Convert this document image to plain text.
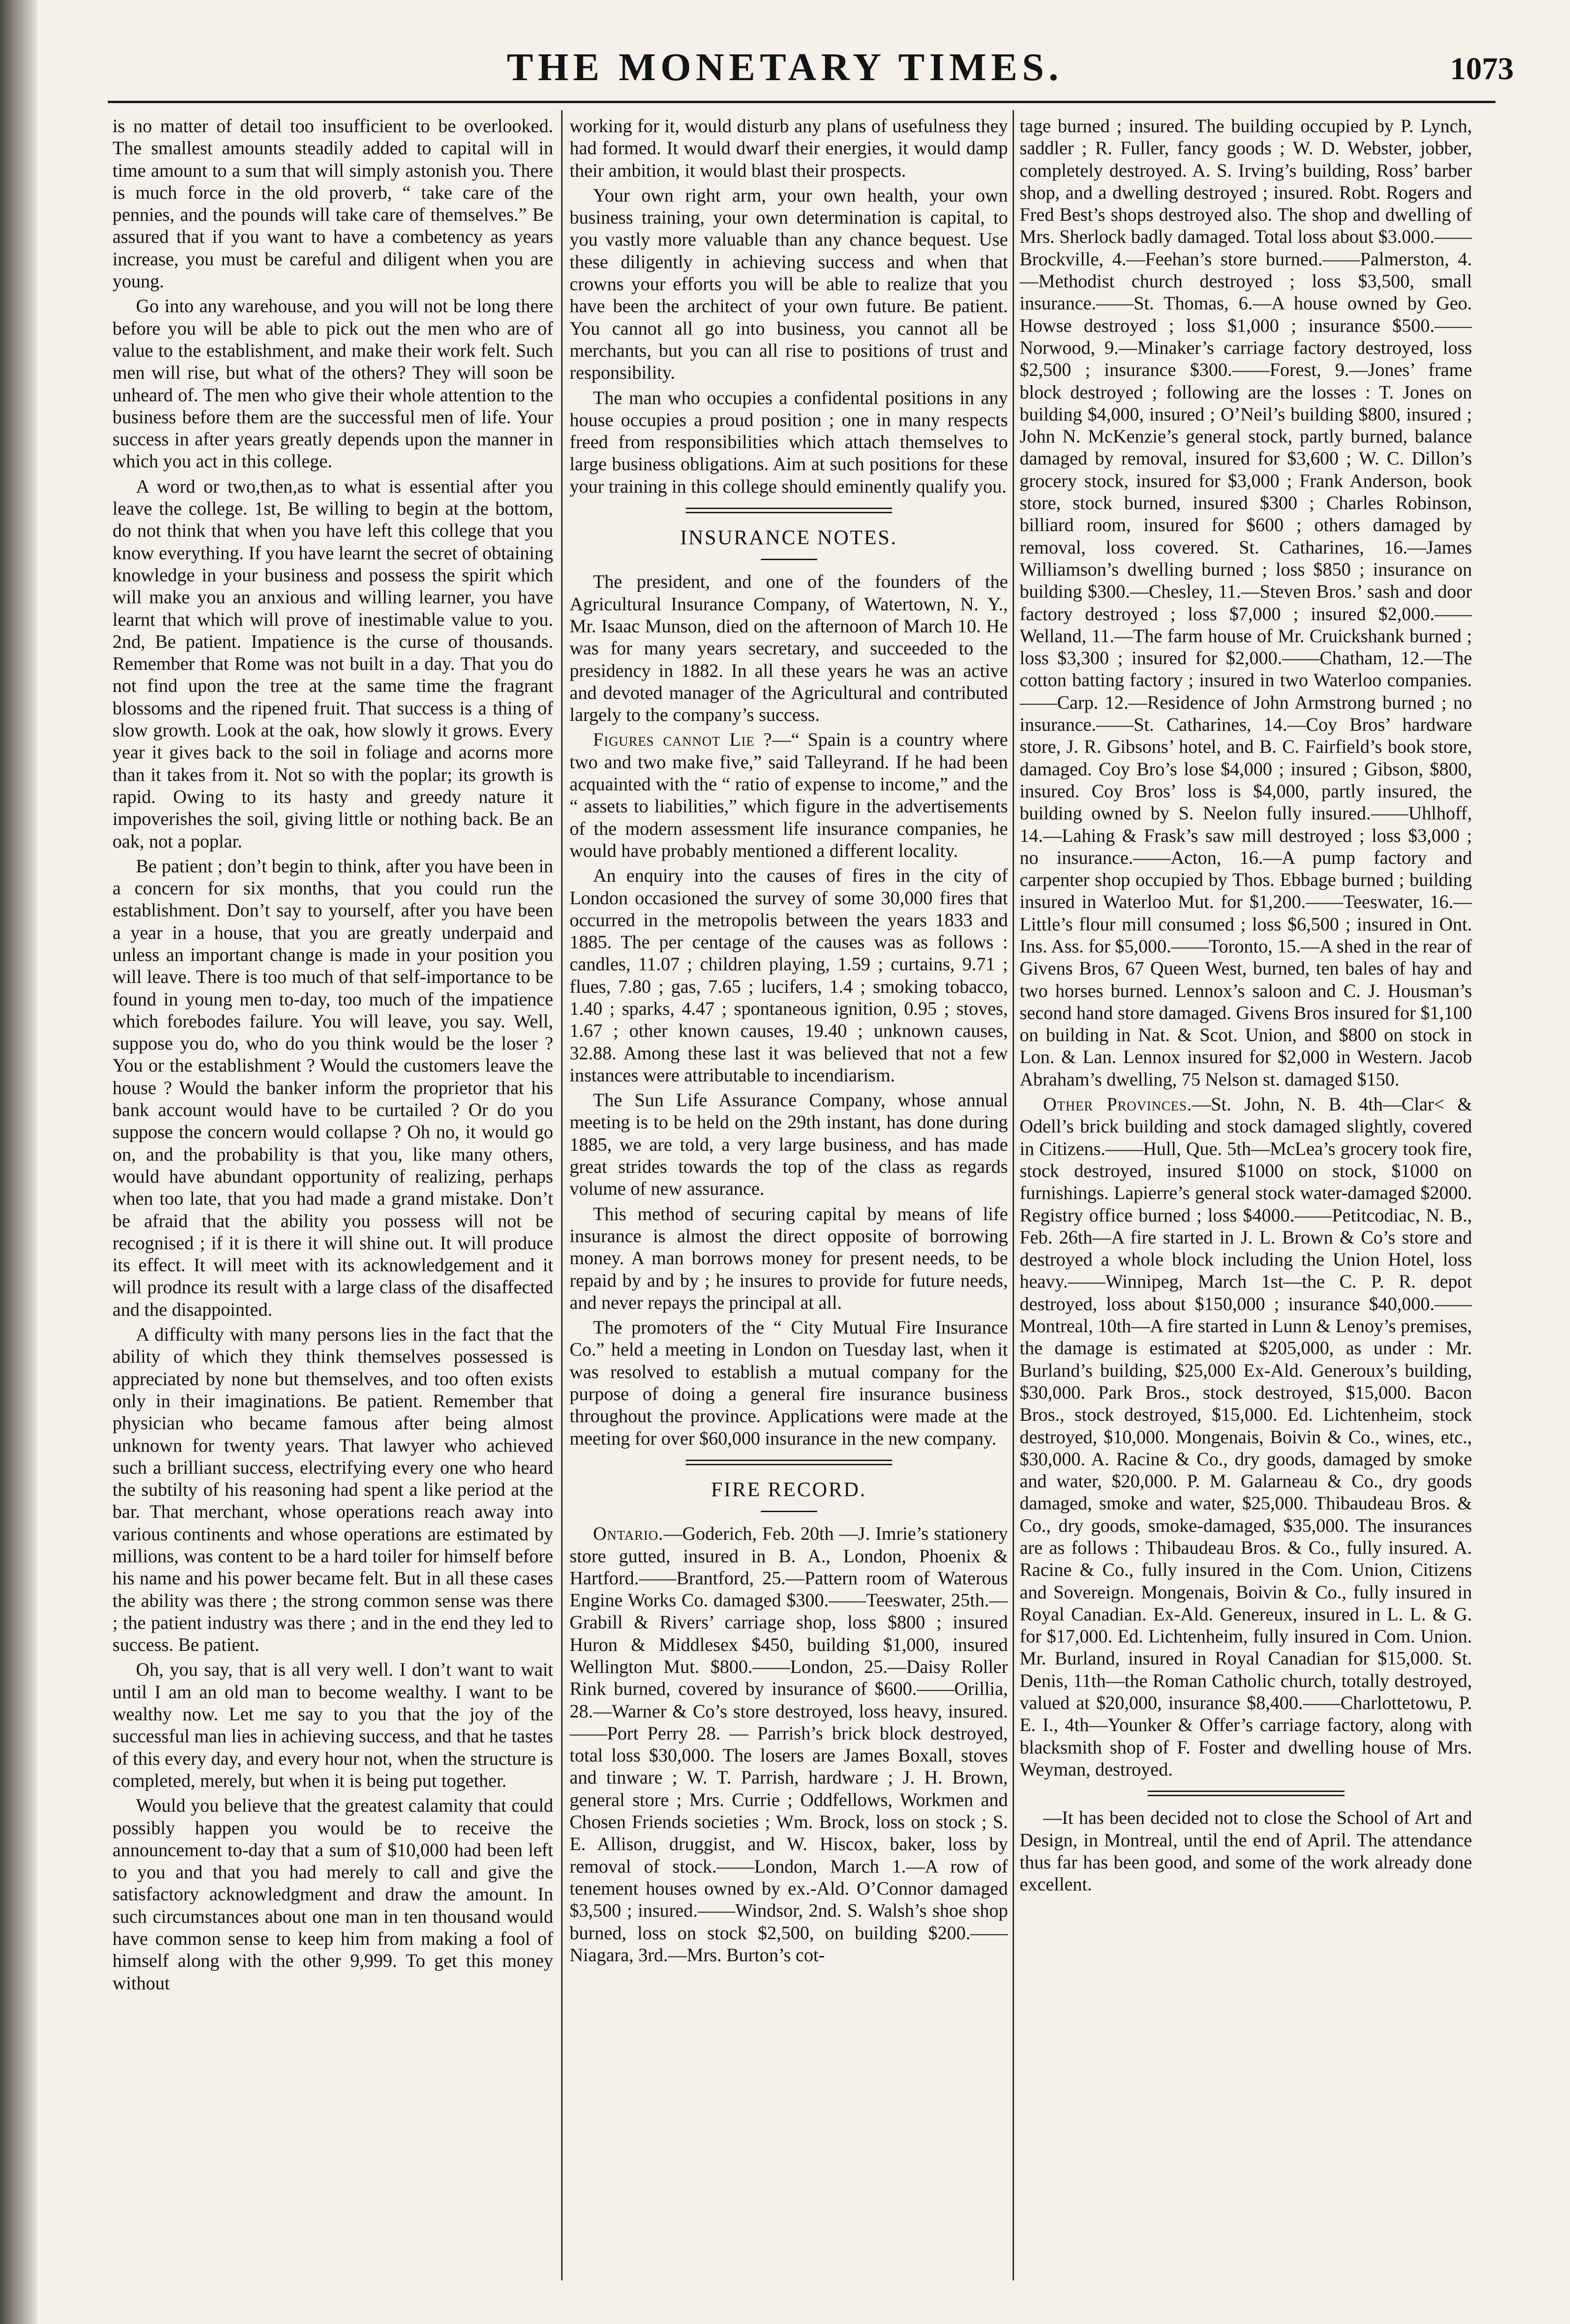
THE MONETARY TIMES.	1073

is no matter of detail too insufficient to be overlooked. The smallest amounts steadily added to capital will in time amount to a sum that will simply astonish you. There is much force in the old proverb, “ take care of the pennies, and the pounds will take care of themselves.” Be assured that if you want to have a combetency as years increase, you must be careful and diligent when you are young.

Go into any warehouse, and you will not be long there before you will be able to pick out the men who are of value to the establishment, and make their work felt. Such men will rise, but what of the others? They will soon be unheard of. The men who give their whole attention to the business before them are the successful men of life. Your success in after years greatly depends upon the manner in which you act in this college.

A word or two,then,as to what is essential after you leave the college. 1st, Be willing to begin at the bottom, do not think that when you have left this college that you know everything. If you have learnt the secret of obtaining knowledge in your business and possess the spirit which will make you an anxious and willing learner, you have learnt that which will prove of inestimable value to you. 2nd, Be patient. Impatience is the curse of thousands. Remember that Rome was not built in a day. That you do not find upon the tree at the same time the fragrant blossoms and the ripened fruit. That success is a thing of slow growth. Look at the oak, how slowly it grows. Every year it gives back to the soil in foliage and acorns more than it takes from it. Not so with the poplar; its growth is rapid. Owing to its hasty and greedy nature it impoverishes the soil, giving little or nothing back. Be an oak, not a poplar.

Be patient ; don’t begin to think, after you have been in a concern for six months, that you could run the establishment. Don’t say to yourself, after you have been a year in a house, that you are greatly underpaid and unless an important change is made in your position you will leave. There is too much of that self-importance to be found in young men to-day, too much of the impatience which forebodes failure. You will leave, you say. Well, suppose you do, who do you think would be the loser ? You or the establishment ? Would the customers leave the house ? Would the banker inform the proprietor that his bank account would have to be curtailed ? Or do you suppose the concern would collapse ? Oh no, it would go on, and the probability is that you, like many others, would have abundant opportunity of realizing, perhaps when too late, that you had made a grand mistake. Don’t be afraid that the ability you possess will not be recognised ; if it is there it will shine out. It will produce its effect. It will meet with its acknowledgement and it will prodnce its result with a large class of the disaffected and the disappointed.

A difficulty with many persons lies in the fact that the ability of which they think themselves possessed is appreciated by none but themselves, and too often exists only in their imaginations. Be patient. Remember that physician who became famous after being almost unknown for twenty years. That lawyer who achieved such a brilliant success, electrifying every one who heard the subtilty of his reasoning had spent a like period at the bar. That merchant, whose operations reach away into various continents and whose operations are estimated by millions, was content to be a hard toiler for himself before his name and his power became felt. But in all these cases the ability was there ; the strong common sense was there ; the patient industry was there ; and in the end they led to success. Be patient.

Oh, you say, that is all very well. I don’t want to wait until I am an old man to become wealthy. I want to be wealthy now. Let me say to you that the joy of the successful man lies in achieving success, and that he tastes of this every day, and every hour not, when the structure is completed, merely, but when it is being put together.

Would you believe that the greatest calamity that could possibly happen you would be to receive the announcement to-day that a sum of $10,000 had been left to you and that you had merely to call and give the satisfactory acknowledgment and draw the amount. In such circumstances about one man in ten thousand would have common sense to keep him from making a fool of himself along with the other 9,999. To get this money without

working for it, would disturb any plans of usefulness they had formed. It would dwarf their energies, it would damp their ambition, it would blast their prospects.

Your own right arm, your own health, your own business training, your own determination is capital, to you vastly more valuable than any chance bequest. Use these diligently in achieving success and when that crowns your efforts you will be able to realize that you have been the architect of your own future. Be patient. You cannot all go into business, you cannot all be merchants, but you can all rise to positions of trust and responsibility.

The man who occupies a confidental positions in any house occupies a proud position ; one in many respects freed from responsibilities which attach themselves to large business obligations. Aim at such positions for these your training in this college should eminently qualify you.

INSURANCE NOTES.

The president, and one of the founders of the Agricultural Insurance Company, of Watertown, N. Y., Mr. Isaac Munson, died on the afternoon of March 10. He was for many years secretary, and succeeded to the presidency in 1882. In all these years he was an active and devoted manager of the Agricultural and contributed largely to the company’s success.

Figures cannot Lie ?—“ Spain is a country where two and two make five,” said Talleyrand. If he had been acquainted with the “ ratio of expense to income,” and the “ assets to liabilities,” which figure in the advertisements of the modern assessment life insurance companies, he would have probably mentioned a different locality.

An enquiry into the causes of fires in the city of London occasioned the survey of some 30,000 fires that occurred in the metropolis between the years 1833 and 1885. The per centage of the causes was as follows : candles, 11.07 ; children playing, 1.59 ; curtains, 9.71 ; flues, 7.80 ; gas, 7.65 ; lucifers, 1.4 ; smoking tobacco, 1.40 ; sparks, 4.47 ; spontaneous ignition, 0.95 ; stoves, 1.67 ; other known causes, 19.40 ; unknown causes, 32.88. Among these last it was believed that not a few instances were attributable to incendiarism.

The Sun Life Assurance Company, whose annual meeting is to be held on the 29th instant, has done during 1885, we are told, a very large business, and has made great strides towards the top of the class as regards volume of new assurance.

This method of securing capital by means of life insurance is almost the direct opposite of borrowing money. A man borrows money for present needs, to be repaid by and by ; he insures to provide for future needs, and never repays the principal at all.

The promoters of the “ City Mutual Fire Insurance Co.” held a meeting in London on Tuesday last, when it was resolved to establish a mutual company for the purpose of doing a general fire insurance business throughout the province. Applications were made at the meeting for over $60,000 insurance in the new company.

FIRE RECORD.

Ontario.—Goderich, Feb. 20th —J. Imrie’s stationery store gutted, insured in B. A., London, Phoenix & Hartford.——Brantford, 25.—Pattern room of Waterous Engine Works Co. damaged $300.——Teeswater, 25th.—Grabill & Rivers’ carriage shop, loss $800 ; insured Huron & Middlesex $450, building $1,000, insured Wellington Mut. $800.——London, 25.—Daisy Roller Rink burned, covered by insurance of $600.——Orillia, 28.—Warner & Co’s store destroyed, loss heavy, insured.——Port Perry 28. — Parrish’s brick block destroyed, total loss $30,000. The losers are James Boxall, stoves and tinware ; W. T. Parrish, hardware ; J. H. Brown, general store ; Mrs. Currie ; Oddfellows, Workmen and Chosen Friends societies ; Wm. Brock, loss on stock ; S. E. Allison, druggist, and W. Hiscox, baker, loss by removal of stock.——London, March 1.—A row of tenement houses owned by ex.-Ald. O’Connor damaged $3,500 ; insured.——Windsor, 2nd. S. Walsh’s shoe shop burned, loss on stock $2,500, on building $200.——Niagara, 3rd.—Mrs. Burton’s cot-

tage burned ; insured. The building occupied by P. Lynch, saddler ; R. Fuller, fancy goods ; W. D. Webster, jobber, completely destroyed. A. S. Irving’s building, Ross’ barber shop, and a dwelling destroyed ; insured. Robt. Rogers and Fred Best’s shops destroyed also. The shop and dwelling of Mrs. Sherlock badly damaged. Total loss about $3.000.——Brockville, 4.—Feehan’s store burned.——Palmerston, 4.—Methodist church destroyed ; loss $3,500, small insurance.——St. Thomas, 6.—A house owned by Geo. Howse destroyed ; loss $1,000 ; insurance $500.——Norwood, 9.—Minaker’s carriage factory destroyed, loss $2,500 ; insurance $300.——Forest, 9.—Jones’ frame block destroyed ; following are the losses : T. Jones on building $4,000, insured ; O’Neil’s building $800, insured ; John N. McKenzie’s general stock, partly burned, balance damaged by removal, insured for $3,600 ; W. C. Dillon’s grocery stock, insured for $3,000 ; Frank Anderson, book store, stock burned, insured $300 ; Charles Robinson, billiard room, insured for $600 ; others damaged by removal, loss covered. St. Catharines, 16.—James Williamson’s dwelling burned ; loss $850 ; insurance on building $300.—Chesley, 11.—Steven Bros.’ sash and door factory destroyed ; loss $7,000 ; insured $2,000.——Welland, 11.—The farm house of Mr. Cruickshank burned ; loss $3,300 ; insured for $2,000.——Chatham, 12.—The cotton batting factory ; insured in two Waterloo companies.——Carp. 12.—Residence of John Armstrong burned ; no insurance.——St. Catharines, 14.—Coy Bros’ hardware store, J. R. Gibsons’ hotel, and B. C. Fairfield’s book store, damaged. Coy Bro’s lose $4,000 ; insured ; Gibson, $800, insured. Coy Bros’ loss is $4,000, partly insured, the building owned by S. Neelon fully insured.——Uhlhoff, 14.—Lahing & Frask’s saw mill destroyed ; loss $3,000 ; no insurance.——Acton, 16.—A pump factory and carpenter shop occupied by Thos. Ebbage burned ; building insured in Waterloo Mut. for $1,200.——Teeswater, 16.—Little’s flour mill consumed ; loss $6,500 ; insured in Ont. Ins. Ass. for $5,000.——Toronto, 15.—A shed in the rear of Givens Bros, 67 Queen West, burned, ten bales of hay and two horses burned. Lennox’s saloon and C. J. Housman’s second hand store damaged. Givens Bros insured for $1,100 on building in Nat. & Scot. Union, and $800 on stock in Lon. & Lan. Lennox insured for $2,000 in Western. Jacob Abraham’s dwelling, 75 Nelson st. damaged $150.

Other Provinces.—St. John, N. B. 4th—Clar< & Odell’s brick building and stock damaged slightly, covered in Citizens.——Hull, Que. 5th—McLea’s grocery took fire, stock destroyed, insured $1000 on stock, $1000 on furnishings. Lapierre’s general stock water-damaged $2000. Registry office burned ; loss $4000.——Petitcodiac, N. B., Feb. 26th—A fire started in J. L. Brown & Co’s store and destroyed a whole block including the Union Hotel, loss heavy.——Winnipeg, March 1st—the C. P. R. depot destroyed, loss about $150,000 ; insurance $40,000.——Montreal, 10th—A fire started in Lunn & Lenoy’s premises, the damage is estimated at $205,000, as under : Mr. Burland’s building, $25,000 Ex-Ald. Generoux’s building, $30,000. Park Bros., stock destroyed, $15,000. Bacon Bros., stock destroyed, $15,000. Ed. Lichtenheim, stock destroyed, $10,000. Mongenais, Boivin & Co., wines, etc., $30,000. A. Racine & Co., dry goods, damaged by smoke and water, $20,000. P. M. Galarneau & Co., dry goods damaged, smoke and water, $25,000. Thibaudeau Bros. & Co., dry goods, smoke-damaged, $35,000. The insurances are as follows : Thibaudeau Bros. & Co., fully insured. A. Racine & Co., fully insured in the Com. Union, Citizens and Sovereign. Mongenais, Boivin & Co., fully insured in Royal Canadian. Ex-Ald. Genereux, insured in L. L. & G. for $17,000. Ed. Lichtenheim, fully insured in Com. Union. Mr. Burland, insured in Royal Canadian for $15,000. St. Denis, 11th—the Roman Catholic church, totally destroyed, valued at $20,000, insurance $8,400.——Charlottetowu, P. E. I., 4th—Younker & Offer’s carriage factory, along with blacksmith shop of F. Foster and dwelling house of Mrs. Weyman, destroyed.

—It has been decided not to close the School of Art and Design, in Montreal, until the end of April. The attendance thus far has been good, and some of the work already done excellent.
